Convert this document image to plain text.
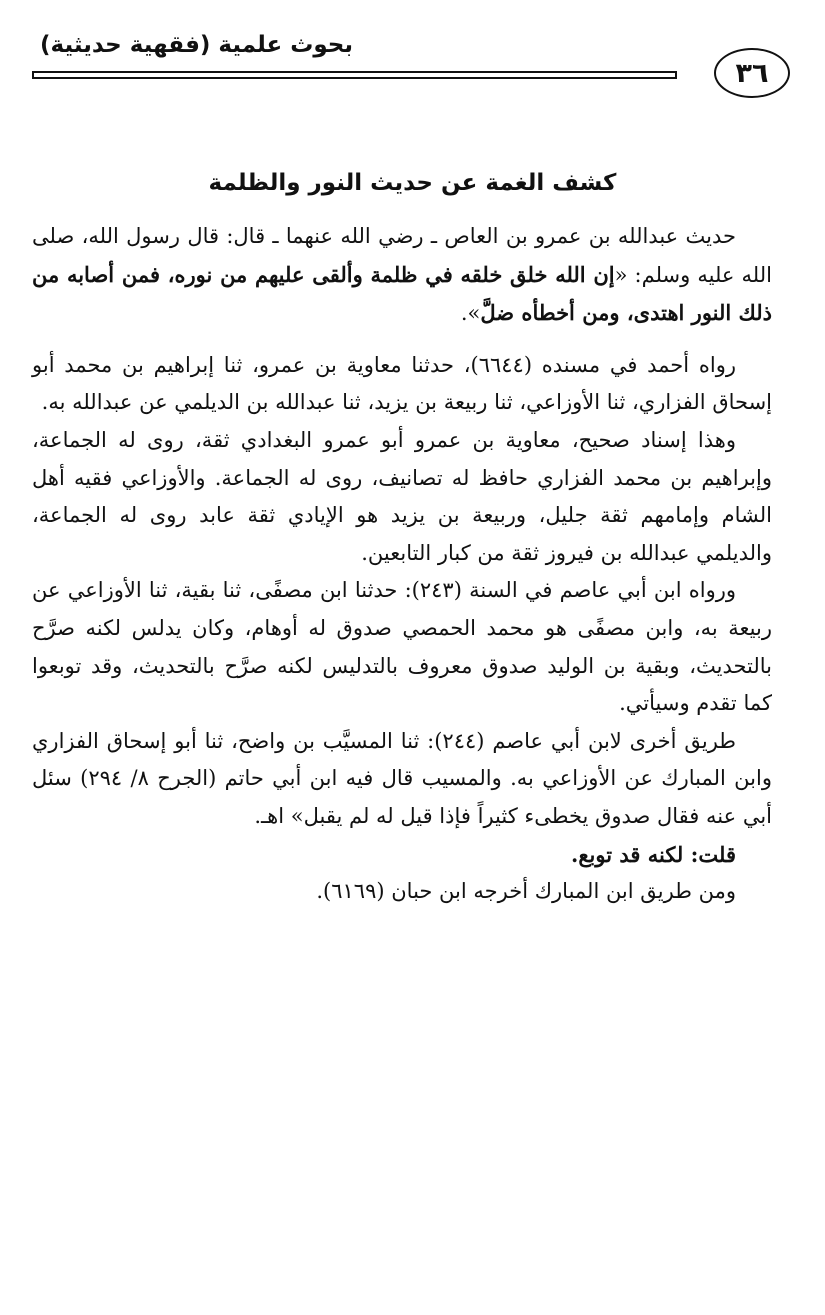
بحوث علمية (فقهية حديثية)
٣٦
كشف الغمة عن حديث النور والظلمة

حديث عبدالله بن عمرو بن العاص ـ رضي الله عنهما ـ قال: قال رسول الله، صلى الله عليه وسلم: «إن الله خلق خلقه في ظلمة وألقى عليهم من نوره، فمن أصابه من ذلك النور اهتدى، ومن أخطأه ضلَّ».

رواه أحمد في مسنده (٦٦٤٤)، حدثنا معاوية بن عمرو، ثنا إبراهيم بن محمد أبو إسحاق الفزاري، ثنا الأوزاعي، ثنا ربيعة بن يزيد، ثنا عبدالله بن الديلمي عن عبدالله به.

وهذا إسناد صحيح، معاوية بن عمرو أبو عمرو البغدادي ثقة، روى له الجماعة، وإبراهيم بن محمد الفزاري حافظ له تصانيف، روى له الجماعة. والأوزاعي فقيه أهل الشام وإمامهم ثقة جليل، وربيعة بن يزيد هو الإيادي ثقة عابد روى له الجماعة، والديلمي عبدالله بن فيروز ثقة من كبار التابعين.

ورواه ابن أبي عاصم في السنة (٢٤٣): حدثنا ابن مصفًى، ثنا بقية، ثنا الأوزاعي عن ربيعة به، وابن مصفًى هو محمد الحمصي صدوق له أوهام، وكان يدلس لكنه صرَّح بالتحديث، وبقية بن الوليد صدوق معروف بالتدليس لكنه صرَّح بالتحديث، وقد توبعوا كما تقدم وسيأتي.

طريق أخرى لابن أبي عاصم (٢٤٤): ثنا المسيَّب بن واضح، ثنا أبو إسحاق الفزاري وابن المبارك عن الأوزاعي به. والمسيب قال فيه ابن أبي حاتم (الجرح ٨/ ٢٩٤) سئل أبي عنه فقال صدوق يخطىء كثيراً فإذا قيل له لم يقبل» اهـ.

قلت: لكنه قد توبع.

ومن طريق ابن المبارك أخرجه ابن حبان (٦١٦٩).
